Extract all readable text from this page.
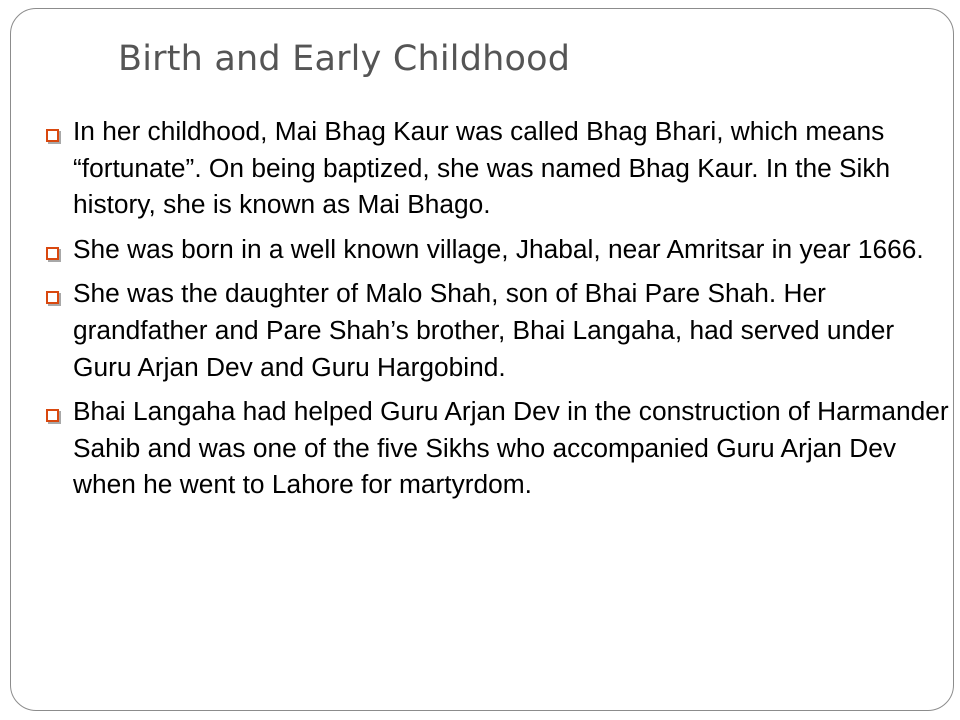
Birth and Early Childhood
In her childhood, Mai Bhag Kaur was called Bhag Bhari, which means “fortunate”. On being baptized, she was named Bhag Kaur. In the Sikh history, she is known as Mai Bhago.
She was born in a well known village, Jhabal, near Amritsar in year 1666.
She was the daughter of Malo Shah, son of Bhai Pare Shah. Her grandfather and Pare Shah’s brother, Bhai Langaha, had served under Guru Arjan Dev and Guru Hargobind.
Bhai Langaha had helped Guru Arjan Dev in the construction of Harmander Sahib and was one of the five Sikhs who accompanied Guru Arjan Dev when he went to Lahore for martyrdom.
